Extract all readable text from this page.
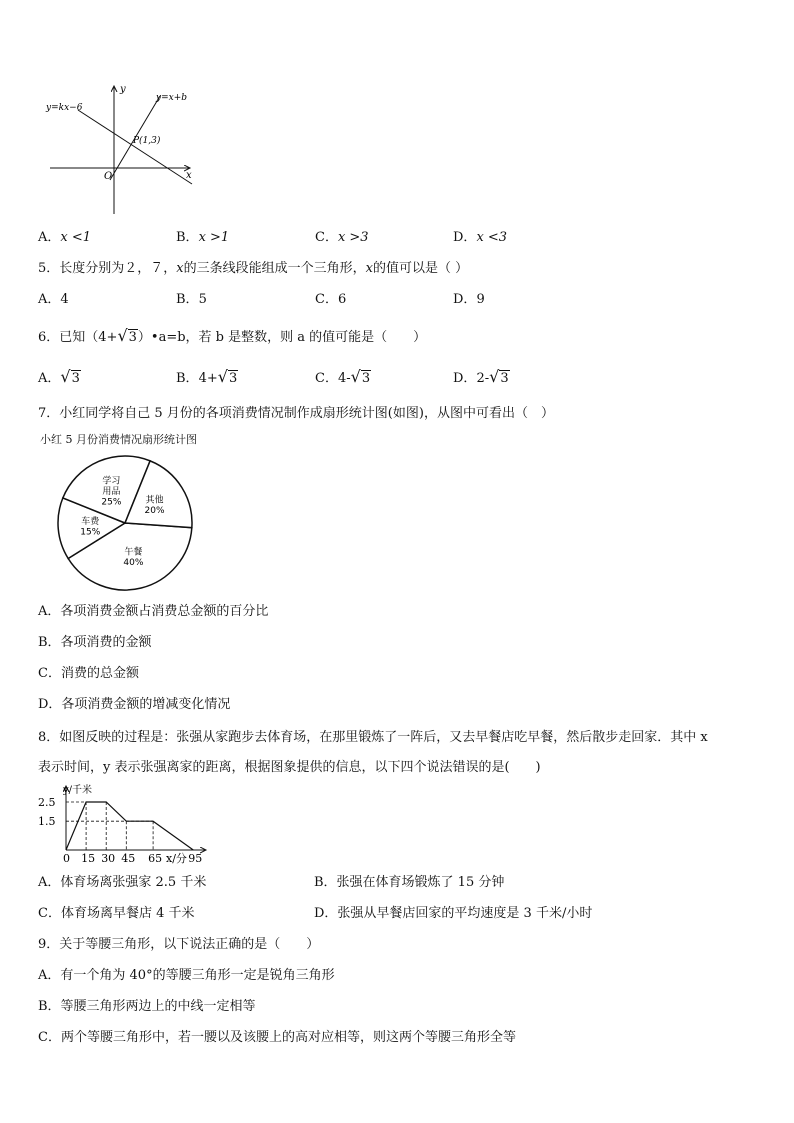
y
x
O
y=kx−6
y=x+b
P(1,3)
A．x <1	B．x >1	C．x >3	D．x <3
5．长度分别为２，７，x的三条线段能组成一个三角形，x的值可以是（ ）
A．4	B．5	C．6	D．9
6．已知（4+√3）•a=b，若 b 是整数，则 a 的值可能是（　　）
A．√3	B．4+√3	C．4-√3	D．2-√3
7．小红同学将自己 5 月份的各项消费情况制作成扇形统计图(如图)，从图中可看出（　）
小红 5 月份消费情况扇形统计图
午餐
40%
车费
15%
学习
用品
25%	其他
20%
A．各项消费金额占消费总金额的百分比
B．各项消费的金额
C．消费的总金额
D．各项消费金额的增减变化情况
8．如图反映的过程是：张强从家跑步去体育场，在那里锻炼了一阵后，又去早餐店吃早餐，然后散步走回家．其中 x
表示时间，y 表示张强离家的距离，根据图象提供的信息，以下四个说法错误的是(　　)
0 15 30 45 65 95
1.5
2.5
y/千米
x/分
A．体育场离张强家 2.5 千米	B．张强在体育场锻炼了 15 分钟
C．体育场离早餐店 4 千米	D．张强从早餐店回家的平均速度是 3 千米/小时
9．关于等腰三角形，以下说法正确的是（　　）
A．有一个角为 40°的等腰三角形一定是锐角三角形
B．等腰三角形两边上的中线一定相等
C．两个等腰三角形中，若一腰以及该腰上的高对应相等，则这两个等腰三角形全等
